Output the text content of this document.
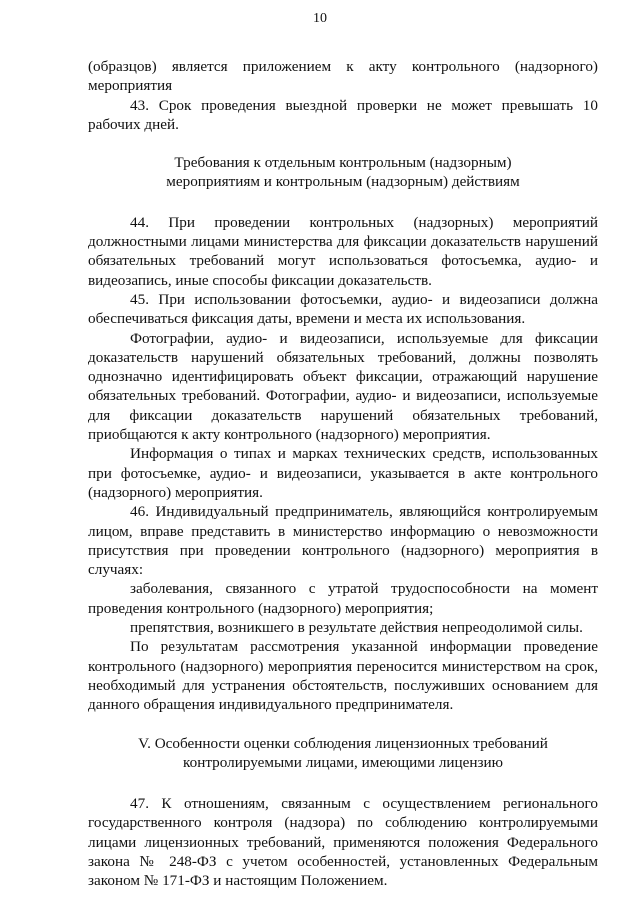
10

(образцов) является приложением к акту контрольного (надзорного) мероприятия

43. Срок проведения выездной проверки не может превышать 10 рабочих дней.

Требования к отдельным контрольным (надзорным) мероприятиям и контрольным (надзорным) действиям

44. При проведении контрольных (надзорных) мероприятий должностными лицами министерства для фиксации доказательств нарушений обязательных требований могут использоваться фотосъемка, аудио- и видеозапись, иные способы фиксации доказательств.

45. При использовании фотосъемки, аудио- и видеозаписи должна обеспечиваться фиксация даты, времени и места их использования.

Фотографии, аудио- и видеозаписи, используемые для фиксации доказательств нарушений обязательных требований, должны позволять однозначно идентифицировать объект фиксации, отражающий нарушение обязательных требований. Фотографии, аудио- и видеозаписи, используемые для фиксации доказательств нарушений обязательных требований, приобщаются к акту контрольного (надзорного) мероприятия.

Информация о типах и марках технических средств, использованных при фотосъемке, аудио- и видеозаписи, указывается в акте контрольного (надзорного) мероприятия.

46. Индивидуальный предприниматель, являющийся контролируемым лицом, вправе представить в министерство информацию о невозможности присутствия при проведении контрольного (надзорного) мероприятия в случаях:

заболевания, связанного с утратой трудоспособности на момент проведения контрольного (надзорного) мероприятия;

препятствия, возникшего в результате действия непреодолимой силы.

По результатам рассмотрения указанной информации проведение контрольного (надзорного) мероприятия переносится министерством на срок, необходимый для устранения обстоятельств, послуживших основанием для данного обращения индивидуального предпринимателя.

V. Особенности оценки соблюдения лицензионных требований контролируемыми лицами, имеющими лицензию

47. К отношениям, связанным с осуществлением регионального государственного контроля (надзора) по соблюдению контролируемыми лицами лицензионных требований, применяются положения Федерального закона № 248-ФЗ с учетом особенностей, установленных Федеральным законом № 171-ФЗ и настоящим Положением.
